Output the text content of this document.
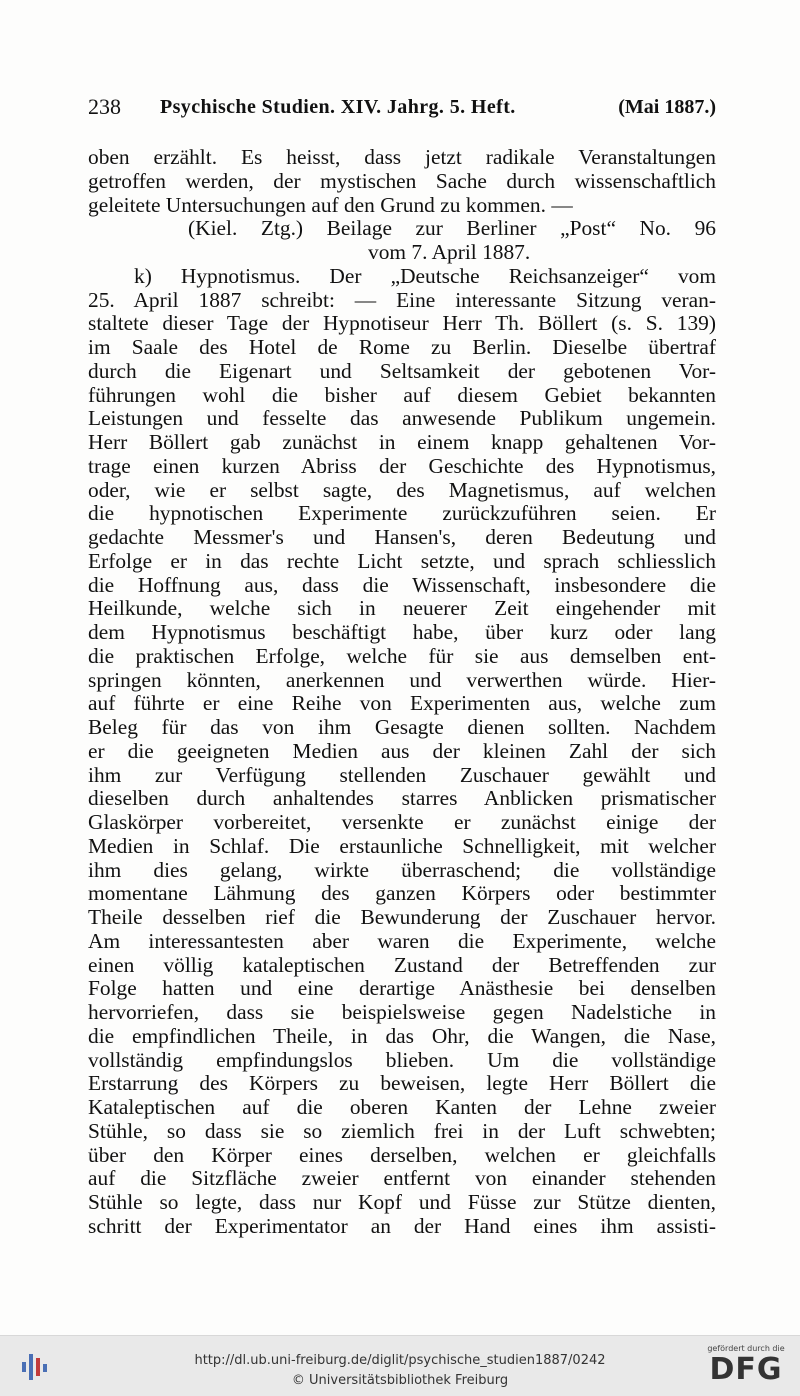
238 Psychische Studien. XIV. Jahrg. 5. Heft.	(Mai 1887.)
oben erzählt. Es heisst, dass jetzt radikale Veranstaltungen
getroffen werden, der mystischen Sache durch wissenschaftlich
geleitete Untersuchungen auf den Grund zu kommen. —
(Kiel. Ztg.) Beilage zur Berliner „Post“ No. 96
vom 7. April 1887.
k) Hypnotismus. Der „Deutsche Reichsanzeiger“ vom
25. April 1887 schreibt: — Eine interessante Sitzung veran-
staltete dieser Tage der Hypnotiseur Herr Th. Böllert (s. S. 139)
im Saale des Hotel de Rome zu Berlin. Dieselbe übertraf
durch die Eigenart und Seltsamkeit der gebotenen Vor-
führungen wohl die bisher auf diesem Gebiet bekannten
Leistungen und fesselte das anwesende Publikum ungemein.
Herr Böllert gab zunächst in einem knapp gehaltenen Vor-
trage einen kurzen Abriss der Geschichte des Hypnotismus,
oder, wie er selbst sagte, des Magnetismus, auf welchen
die hypnotischen Experimente zurückzuführen seien. Er
gedachte Messmer's und Hansen's, deren Bedeutung und
Erfolge er in das rechte Licht setzte, und sprach schliesslich
die Hoffnung aus, dass die Wissenschaft, insbesondere die
Heilkunde, welche sich in neuerer Zeit eingehender mit
dem Hypnotismus beschäftigt habe, über kurz oder lang
die praktischen Erfolge, welche für sie aus demselben ent-
springen könnten, anerkennen und verwerthen würde. Hier-
auf führte er eine Reihe von Experimenten aus, welche zum
Beleg für das von ihm Gesagte dienen sollten. Nachdem
er die geeigneten Medien aus der kleinen Zahl der sich
ihm zur Verfügung stellenden Zuschauer gewählt und
dieselben durch anhaltendes starres Anblicken prismatischer
Glaskörper vorbereitet, versenkte er zunächst einige der
Medien in Schlaf. Die erstaunliche Schnelligkeit, mit welcher
ihm dies gelang, wirkte überraschend; die vollständige
momentane Lähmung des ganzen Körpers oder bestimmter
Theile desselben rief die Bewunderung der Zuschauer hervor.
Am interessantesten aber waren die Experimente, welche
einen völlig kataleptischen Zustand der Betreffenden zur
Folge hatten und eine derartige Anästhesie bei denselben
hervorriefen, dass sie beispielsweise gegen Nadelstiche in
die empfindlichen Theile, in das Ohr, die Wangen, die Nase,
vollständig empfindungslos blieben. Um die vollständige
Erstarrung des Körpers zu beweisen, legte Herr Böllert die
Kataleptischen auf die oberen Kanten der Lehne zweier
Stühle, so dass sie so ziemlich frei in der Luft schwebten;
über den Körper eines derselben, welchen er gleichfalls
auf die Sitzfläche zweier entfernt von einander stehenden
Stühle so legte, dass nur Kopf und Füsse zur Stütze dienten,
schritt der Experimentator an der Hand eines ihm assisti-
http://dl.ub.uni-freiburg.de/diglit/psychische_studien1887/0242
© Universitätsbibliothek Freiburg
gefördert durch die
DFG
